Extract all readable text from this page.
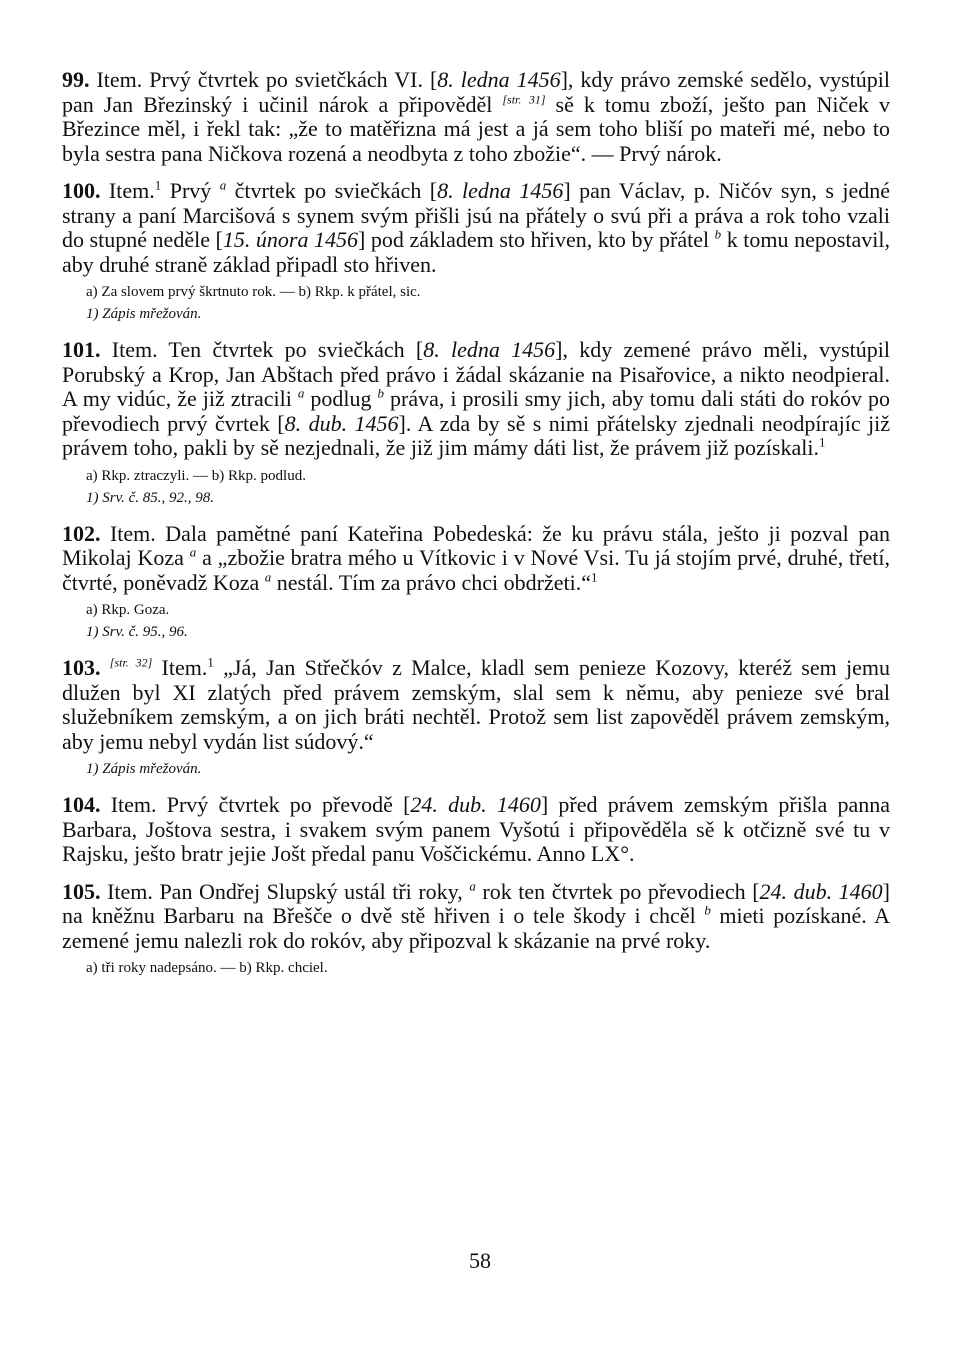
99. Item. Prvý čtvrtek po svietčkách VI. [8. ledna 1456], kdy právo zemské sedělo, vystúpil pan Jan Březinský i učinil nárok a připověděl [str. 31] sě k tomu zboží, ješto pan Niček v Březince měl, i řekl tak: „že to matěřizna má jest a já sem toho bliší po mateři mé, nebo to byla sestra pana Ničkova rozená a neodbyta z toho zbožie“. — Prvý nárok.

100. Item.$^1$ Prvý $^a$ čtvrtek po sviečkách [8. ledna 1456] pan Václav, p. Ničóv syn, s jedné strany a paní Marcišová s synem svým přišli jsú na přátely o svú při a práva a rok toho vzali do stupné neděle [15. února 1456] pod základem sto hřiven, kto by přátel $^b$ k tomu nepostavil, aby druhé straně základ připadl sto hřiven.

a) Za slovem prvý škrtnuto rok. — b) Rkp. k přátel, sic.
1) Zápis mřežován.

101. Item. Ten čtvrtek po sviečkách [8. ledna 1456], kdy zemené právo měli, vystúpil Porubský a Krop, Jan Abštach před právo i žádal skázanie na Pisařovice, a nikto neodpieral. A my vidúc, že již ztracili $^a$ podlug $^b$ práva, i prosili smy jich, aby tomu dali státi do rokóv po převodiech prvý čvrtek [8. dub. 1456]. A zda by sě s nimi přátelsky zjednali neodpírajíc již právem toho, pakli by sě nezjednali, že již jim mámy dáti list, že právem již pozískali.$^1$

a) Rkp. ztraczyli. — b) Rkp. podlud.
1) Srv. č. 85., 92., 98.

102. Item. Dala pamětné paní Kateřina Pobedeská: že ku právu stála, ješto ji pozval pan Mikolaj Koza $^a$ a „zbožie bratra mého u Vítkovic i v Nové Vsi. Tu já stojím prvé, druhé, třetí, čtvrté, poněvadž Koza $^a$ nestál. Tím za právo chci obdržeti.“$^1$

a) Rkp. Goza.
1) Srv. č. 95., 96.

103. [str. 32] Item.$^1$ „Já, Jan Střečkóv z Malce, kladl sem penieze Kozovy, kteréž sem jemu dlužen byl XI zlatých před právem zemským, slal sem k němu, aby penieze své bral služebníkem zemským, a on jich bráti nechtěl. Protož sem list zapověděl právem zemským, aby jemu nebyl vydán list súdový.“

1) Zápis mřežován.

104. Item. Prvý čtvrtek po převodě [24. dub. 1460] před právem zemským přišla panna Barbara, Joštova sestra, i svakem svým panem Vyšotú i připověděla sě k otčizně své tu v Rajsku, ješto bratr jejie Jošt předal panu Voščickému. Anno LX°.

105. Item. Pan Ondřej Slupský ustál tři roky, $^a$ rok ten čtvrtek po převodiech [24. dub. 1460] na kněžnu Barbaru na Břešče o dvě stě hřiven i o tele škody i chcěl $^b$ mieti pozískané. A zemené jemu nalezli rok do rokóv, aby připozval k skázanie na prvé roky.

a) tři roky nadepsáno. — b) Rkp. chciel.
58
